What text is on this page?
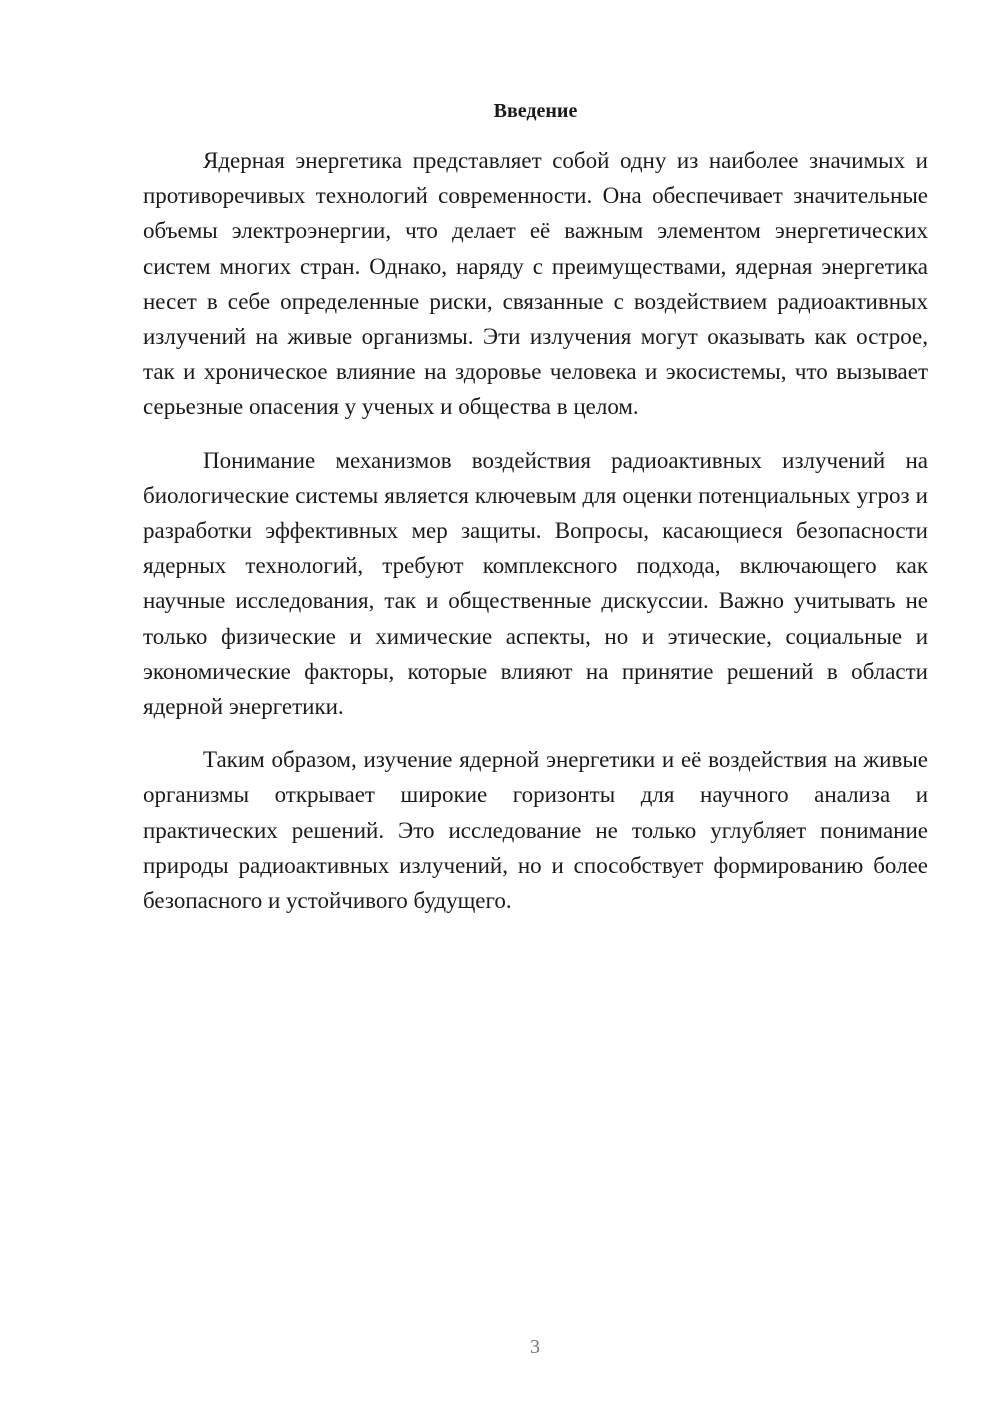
Введение

Ядерная энергетика представляет собой одну из наиболее значимых и противоречивых технологий современности. Она обеспечивает значительные объемы электроэнергии, что делает её важным элементом энергетических систем многих стран. Однако, наряду с преимуществами, ядерная энергетика несет в себе определенные риски, связанные с воздействием радиоактивных излучений на живые организмы. Эти излучения могут оказывать как острое, так и хроническое влияние на здоровье человека и экосистемы, что вызывает серьезные опасения у ученых и общества в целом.

Понимание механизмов воздействия радиоактивных излучений на биологические системы является ключевым для оценки потенциальных угроз и разработки эффективных мер защиты. Вопросы, касающиеся безопасности ядерных технологий, требуют комплексного подхода, включающего как научные исследования, так и общественные дискуссии. Важно учитывать не только физические и химические аспекты, но и этические, социальные и экономические факторы, которые влияют на принятие решений в области ядерной энергетики.

Таким образом, изучение ядерной энергетики и её воздействия на живые организмы открывает широкие горизонты для научного анализа и практических решений. Это исследование не только углубляет понимание природы радиоактивных излучений, но и способствует формированию более безопасного и устойчивого будущего.

3
